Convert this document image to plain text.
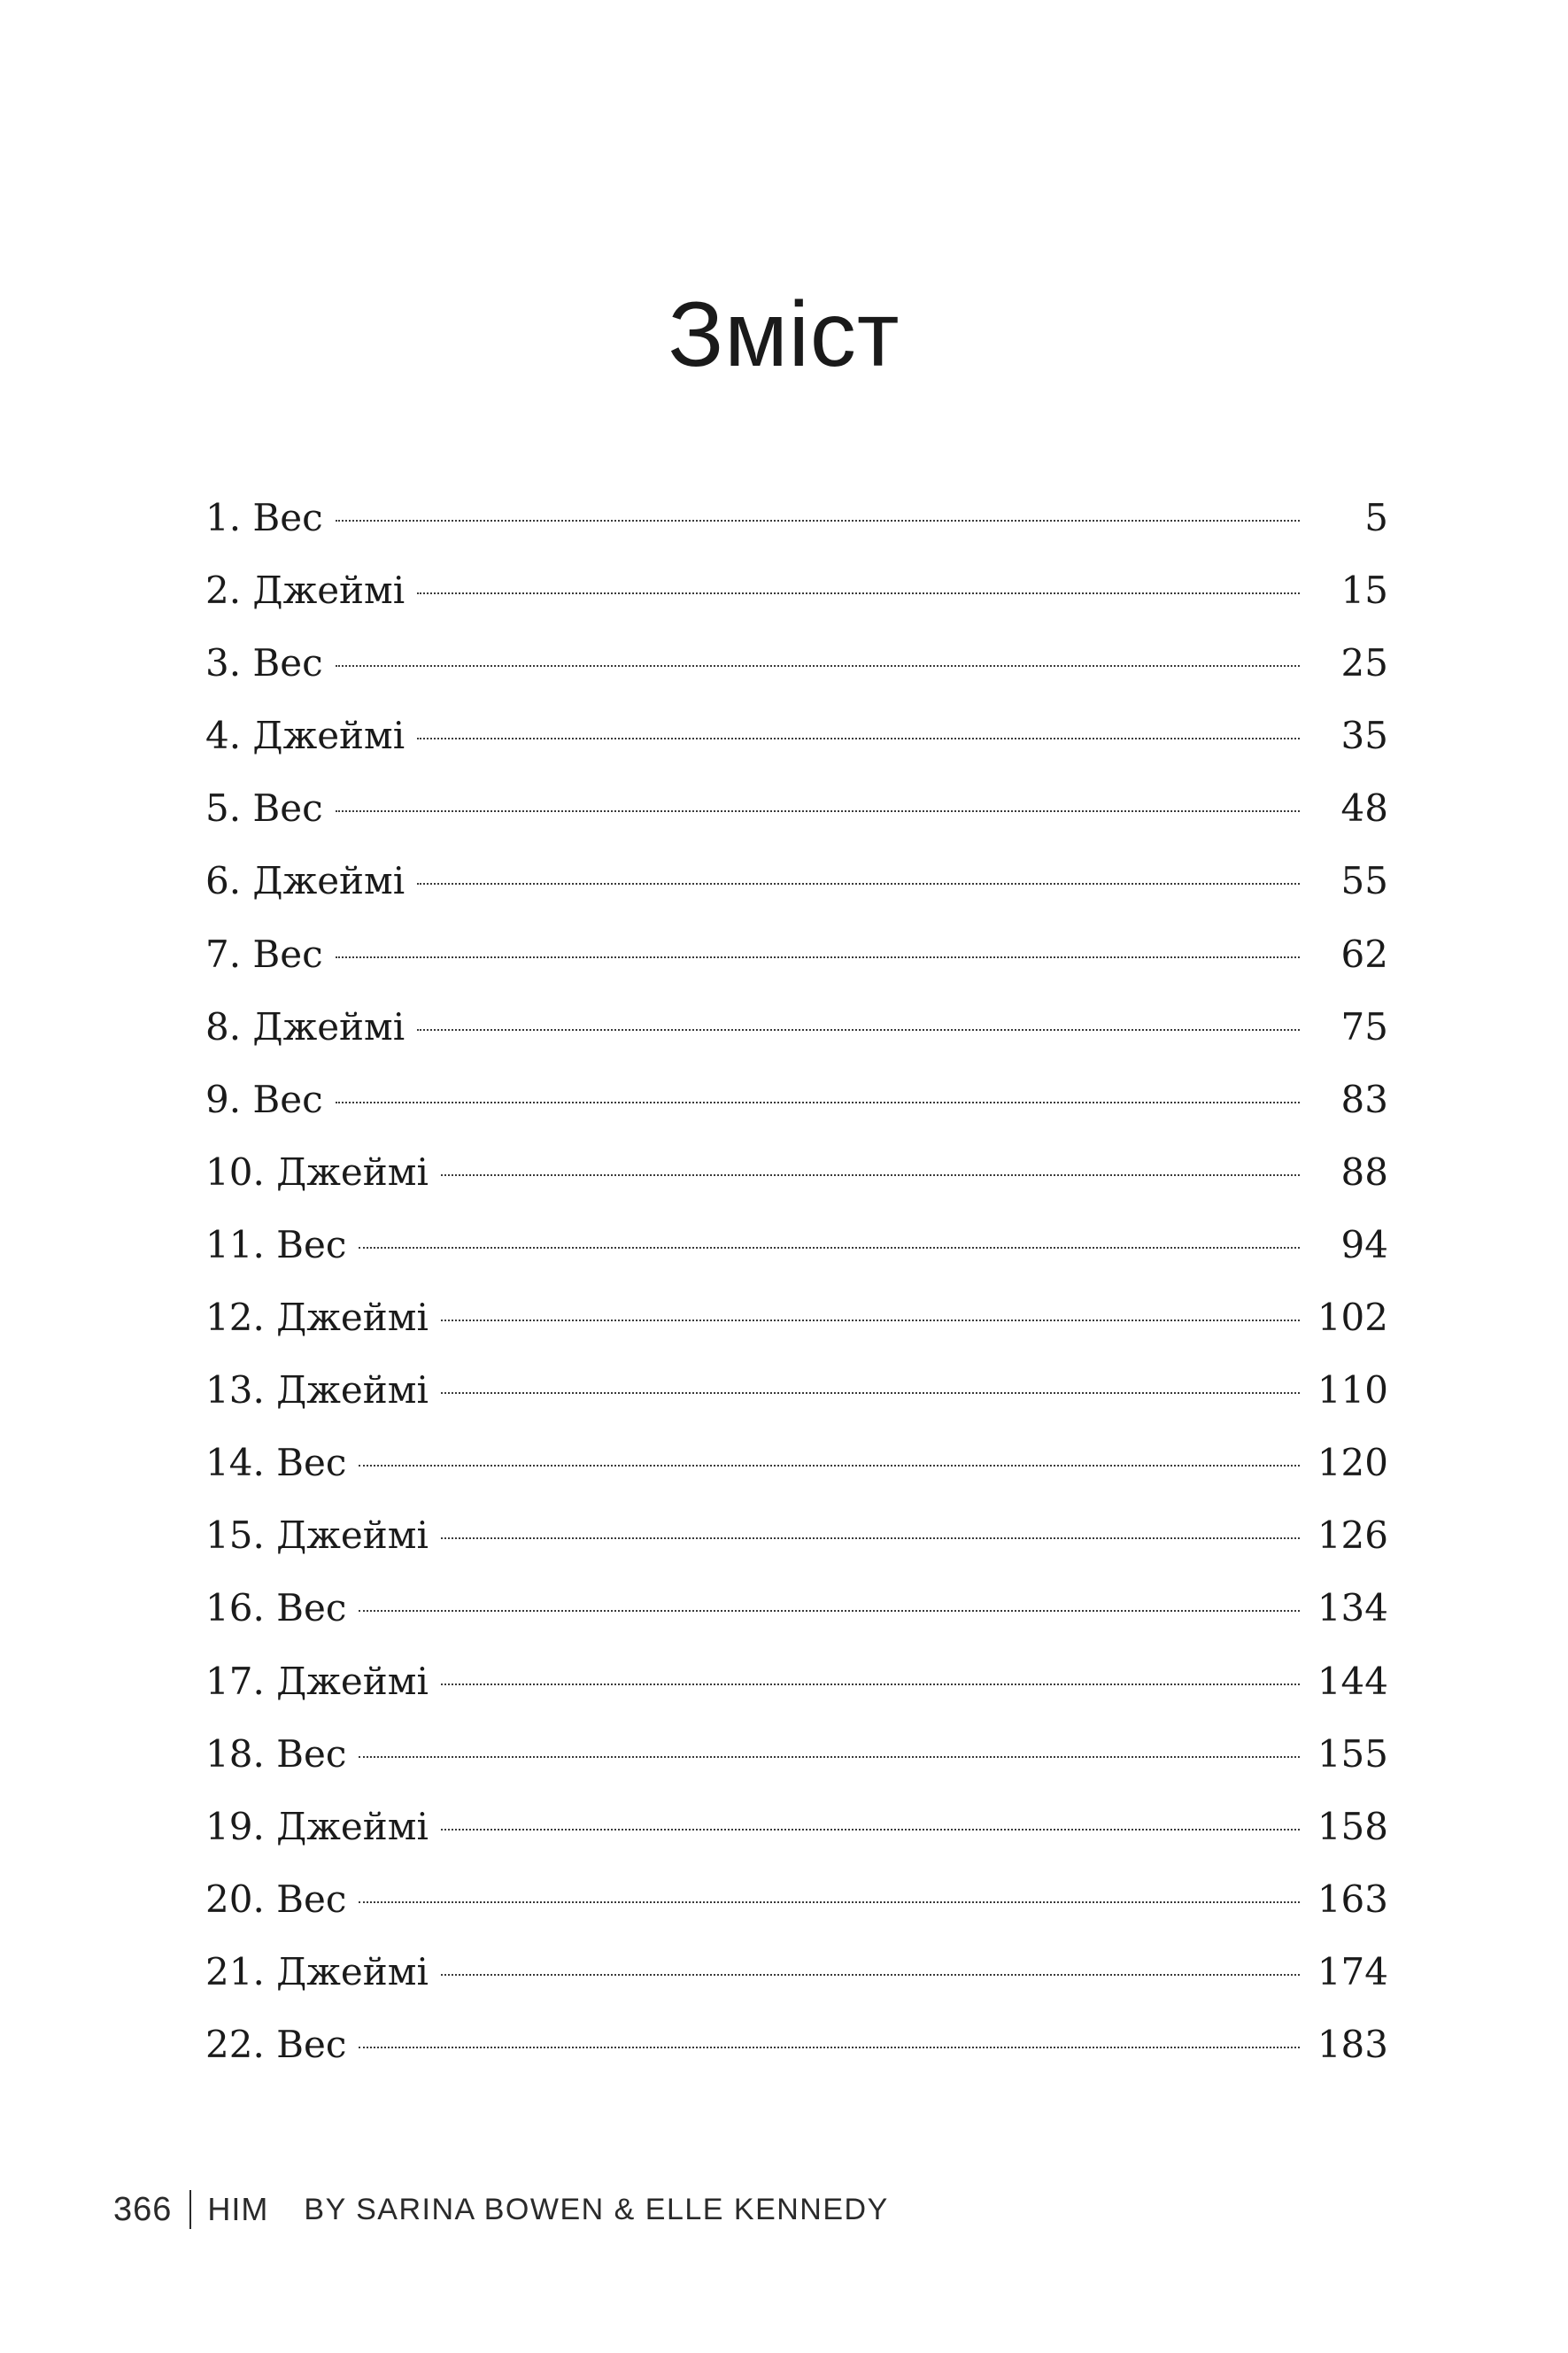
Зміст
1. Вес	5
2. Джеймі	15
3. Вес	25
4. Джеймі	35
5. Вес	48
6. Джеймі	55
7. Вес	62
8. Джеймі	75
9. Вес	83
10. Джеймі	88
11. Вес	94
12. Джеймі	102
13. Джеймі	110
14. Вес	120
15. Джеймі	126
16. Вес	134
17. Джеймі	144
18. Вес	155
19. Джеймі	158
20. Вес	163
21. Джеймі	174
22. Вес	183
366 HIM BY SARINA BOWEN & ELLE KENNEDY
